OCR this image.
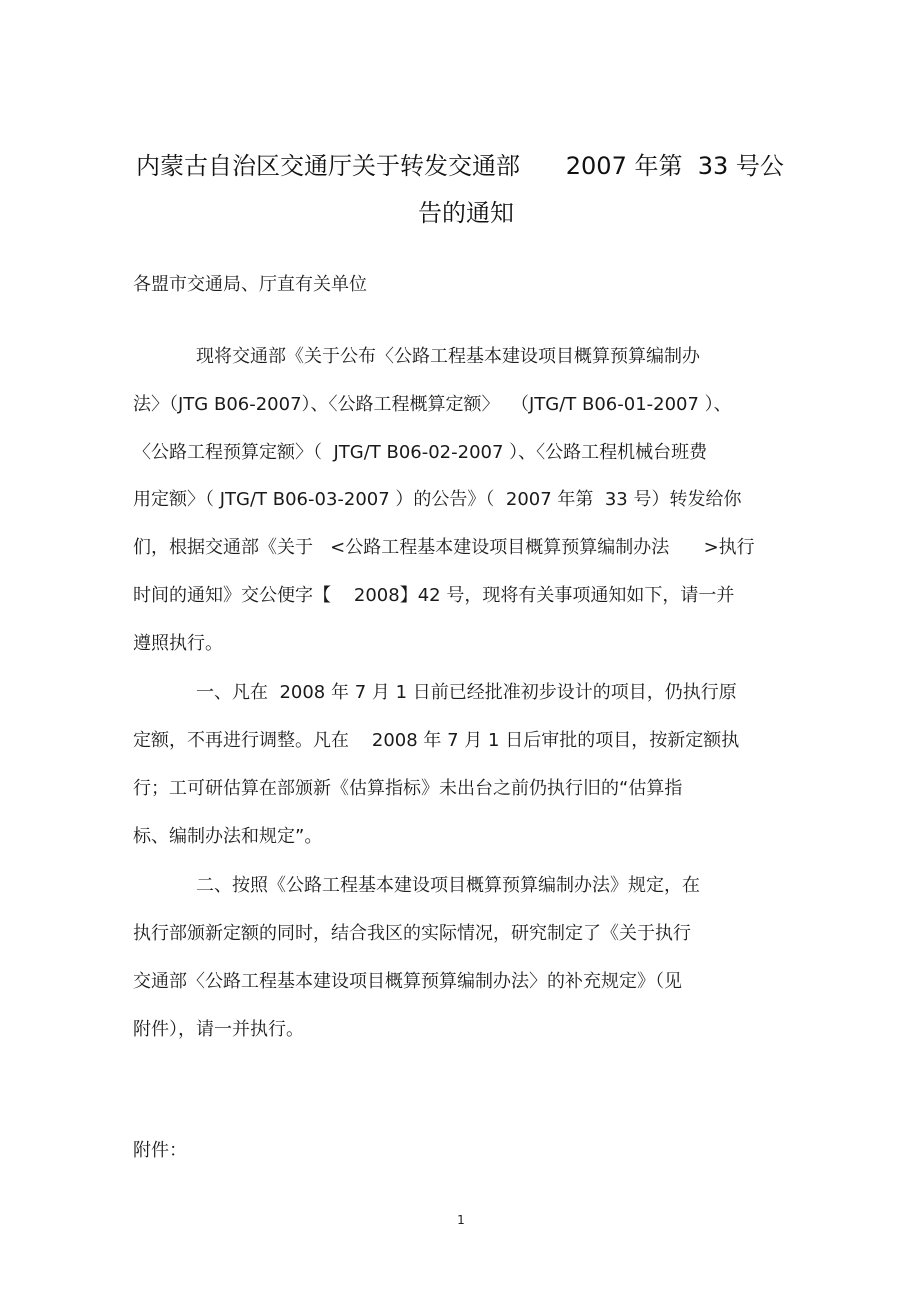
内蒙古自治区交通厅关于转发交通部      2007 年第  33 号公
告的通知
各盟市交通局、厅直有关单位
现将交通部《关于公布〈公路工程基本建设项目概算预算编制办
法〉（JTG B06-2007）、〈公路工程概算定额〉  （JTG/T B06-01-2007 ）、
〈公路工程预算定额〉（  JTG/T B06-02-2007 ）、〈公路工程机械台班费
用定额〉（ JTG/T B06-03-2007 ）的公告》（  2007 年第  33 号）转发给你
们，根据交通部《关于   <公路工程基本建设项目概算预算编制办法      >执行
时间的通知》交公便字【    2008】42 号，现将有关事项通知如下，请一并
遵照执行。
一、凡在  2008 年 7 月 1 日前已经批准初步设计的项目，仍执行原
定额，不再进行调整。凡在    2008 年 7 月 1 日后审批的项目，按新定额执
行；工可研估算在部颁新《估算指标》未出台之前仍执行旧的“估算指
标、编制办法和规定”。
二、按照《公路工程基本建设项目概算预算编制办法》规定，在
执行部颁新定额的同时，结合我区的实际情况，研究制定了《关于执行
交通部〈公路工程基本建设项目概算预算编制办法〉的补充规定》（见
附件），请一并执行。
附件：
1
